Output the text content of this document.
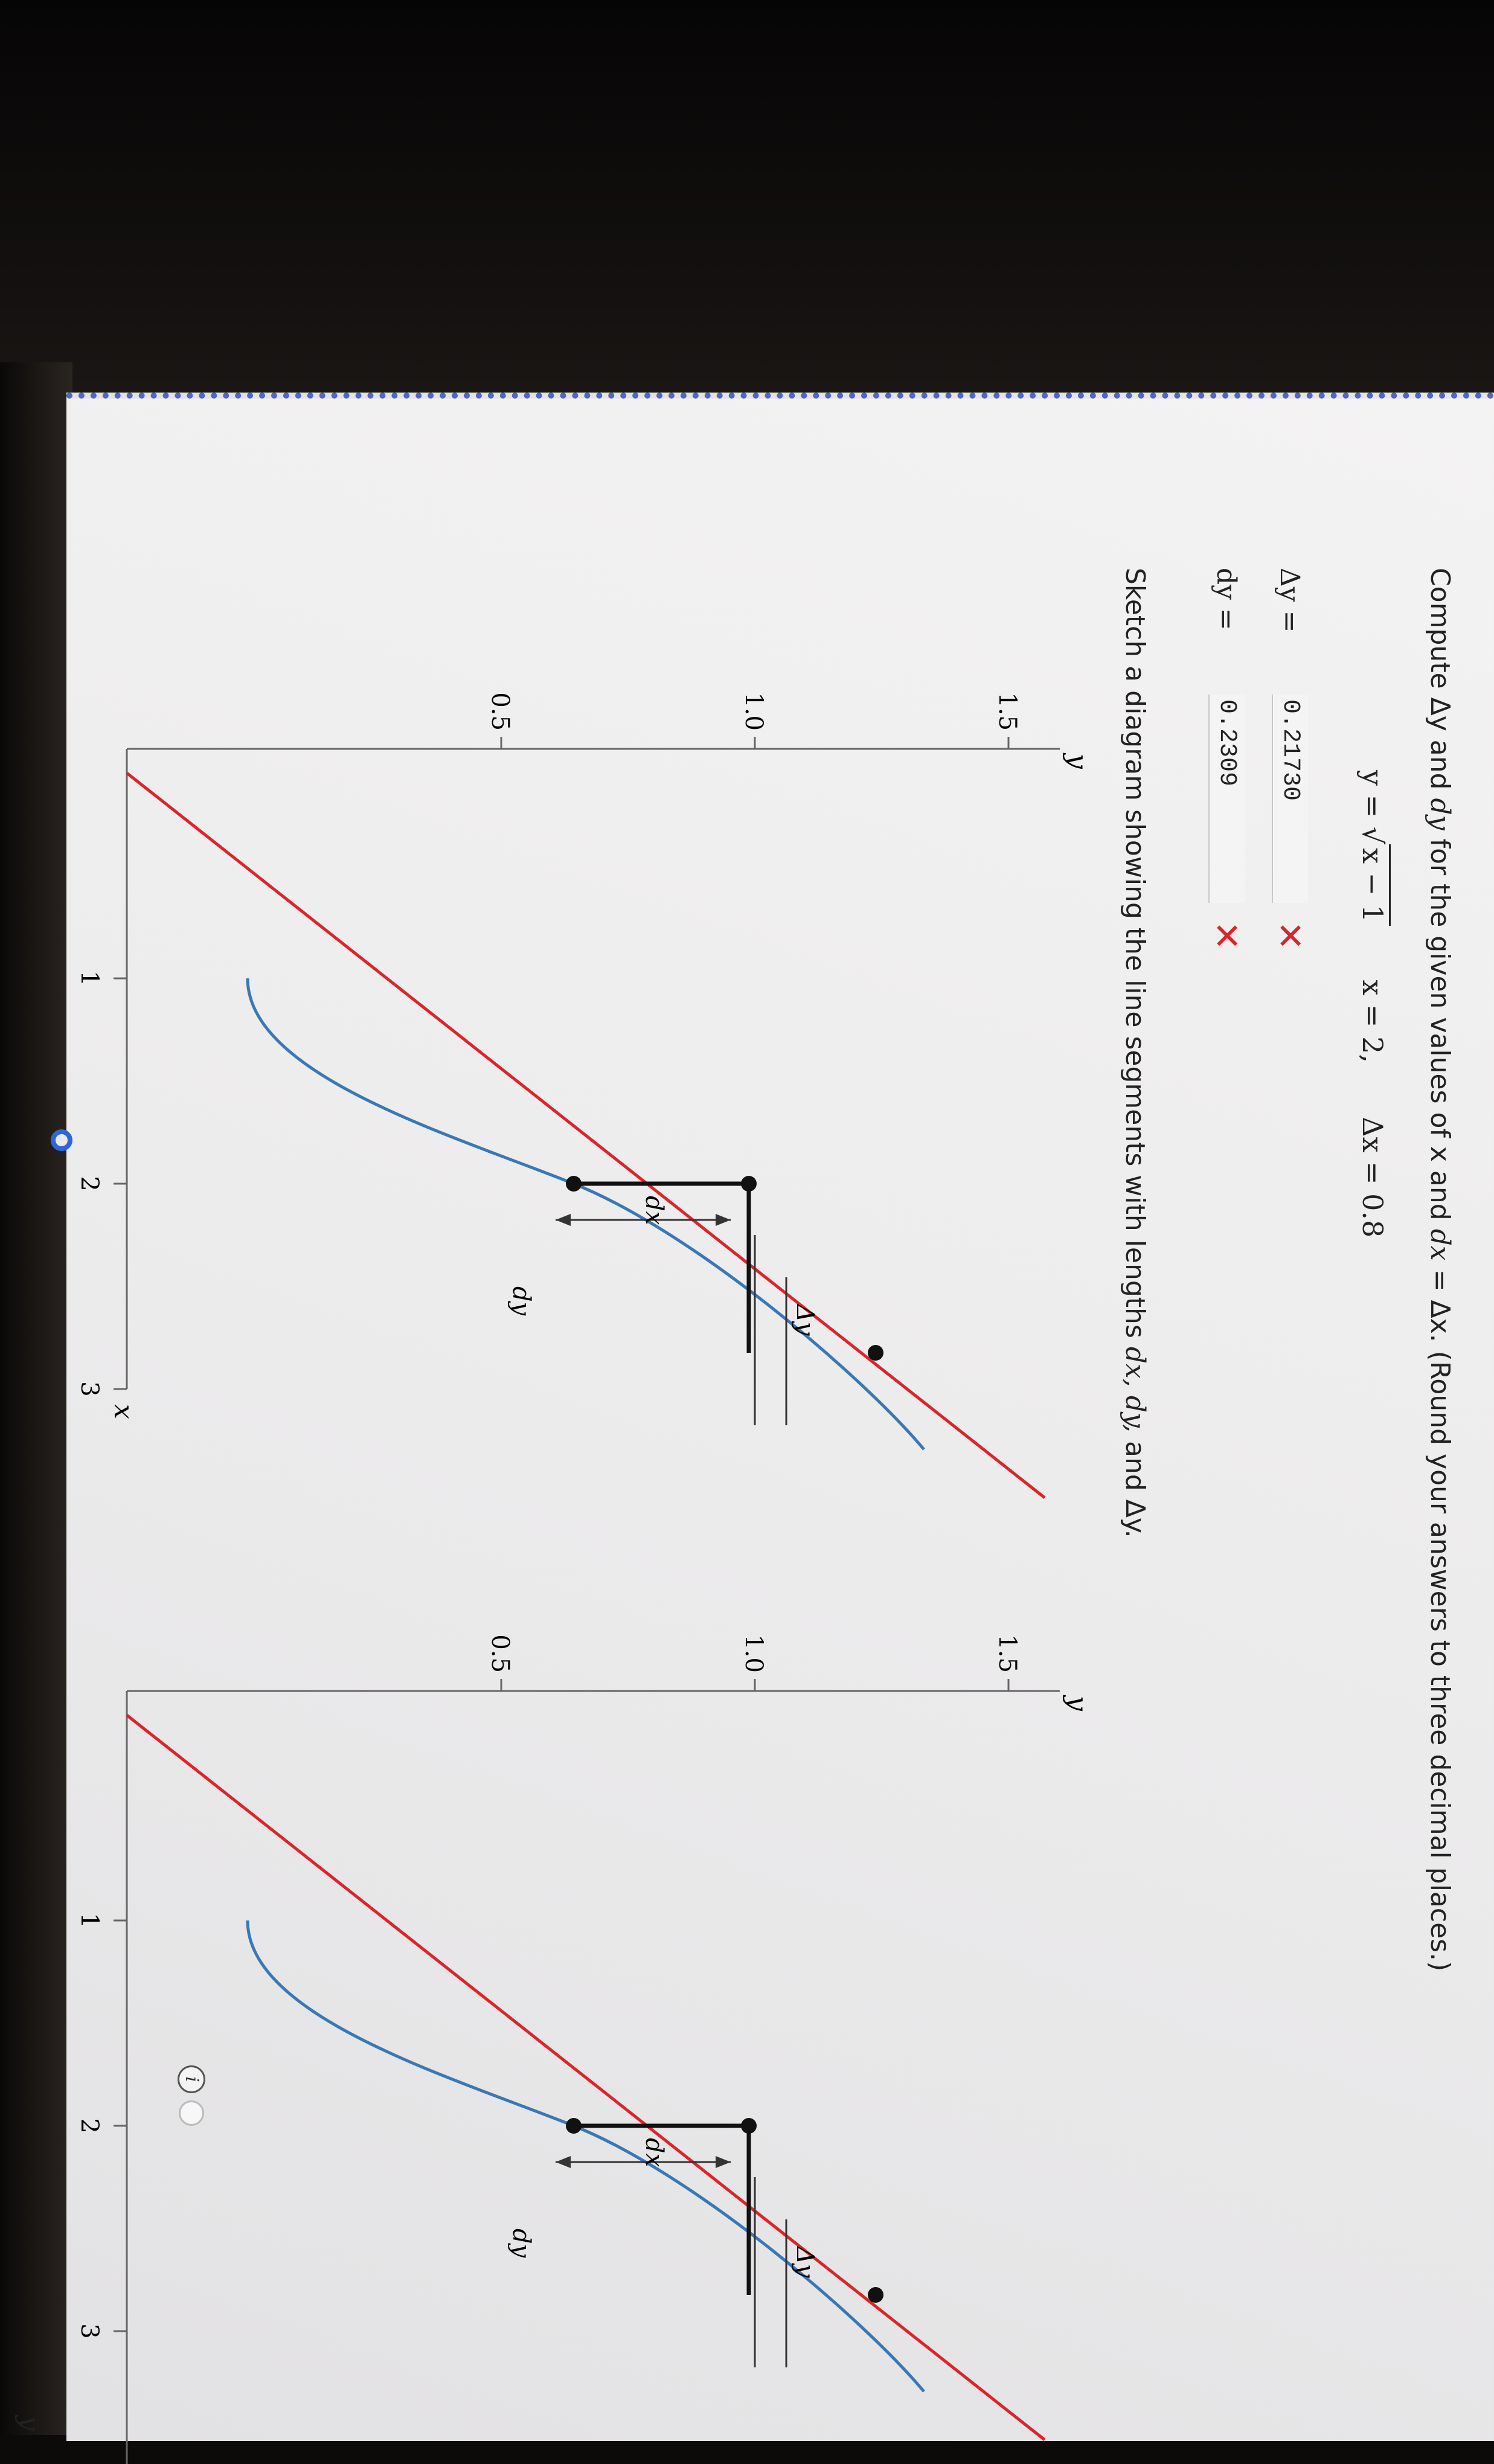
Compute Δy and dy for the given values of x and dx = Δx. (Round your answers to three decimal places.)
y = √x − 1  x = 2,  Δx = 0.8
Δy =
0.21730
✕
dy =
0.2309
✕
Sketch a diagram showing the line segments with lengths dx, dy, and Δy.
y
x
1.5
1.0
0.5
1
2
3
dx
Δy
dy
y
1.5
1.0
0.5
1
2
3
dx
Δy
dy
i
y
